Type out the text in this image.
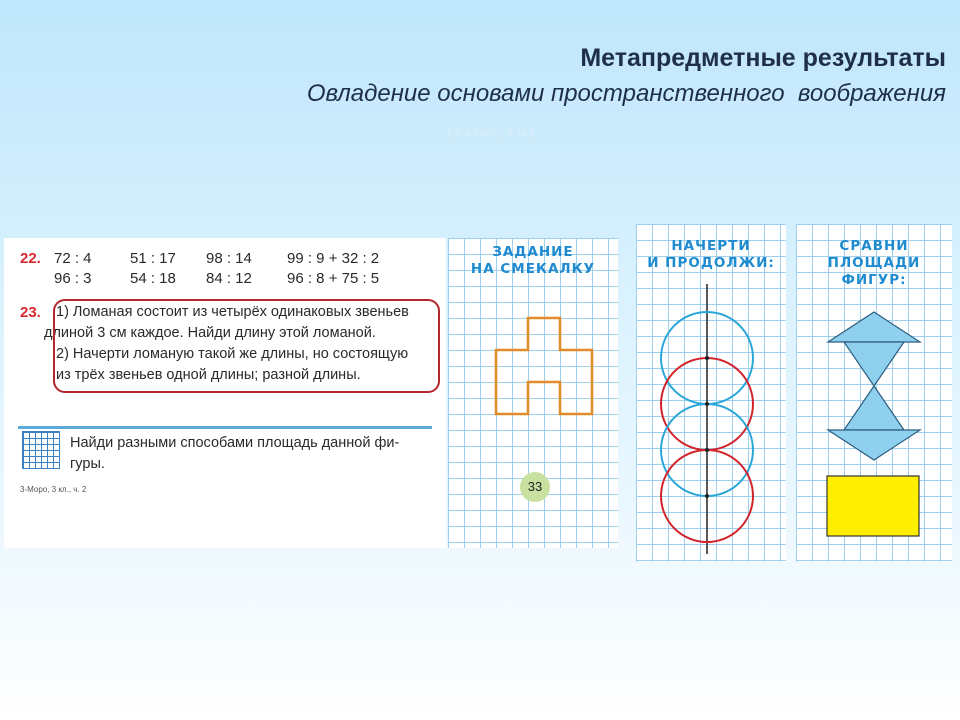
Метапредметные результаты
Овладение основами пространственного  воображения
(3 класс, 1 ч.)
22. 72 : 4	51 : 17 98 : 14 99 : 9 + 32 : 2
96 : 3	54 : 18 84 : 12 96 : 8 + 75 : 5
23. 1) Ломаная состоит из четырёх одинаковых звеньев
длиной 3 см каждое. Найди длину этой ломаной.
2) Начерти ломаную такой же длины, но состоящую
из трёх звеньев одной длины; разной длины.
Найди разными способами площадь данной фи-
гуры.
3-Моро, 3 кл., ч. 2
ЗАДАНИЕ
НА СМЕКАЛКУ
33
НАЧЕРТИ
И ПРОДОЛЖИ:
СРАВНИ
ПЛОЩАДИ
ФИГУР:
